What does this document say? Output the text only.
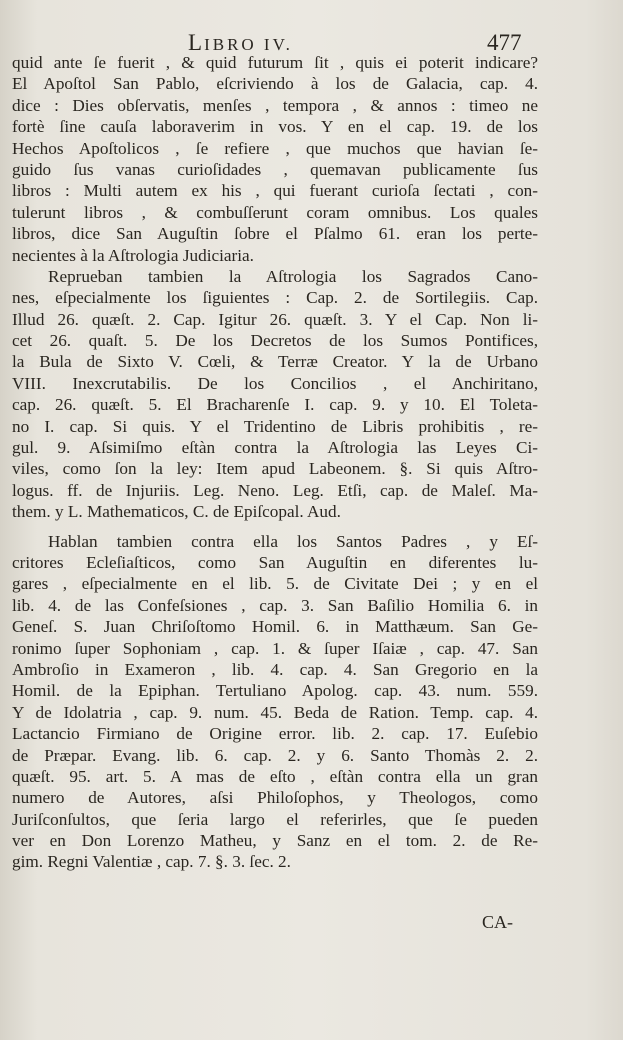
LIBRO IV.	477
quid ante ſe fuerit , & quid futurum ſit , quis ei poterit indicare?
El Apoſtol San Pablo, eſcriviendo à los de Galacia, cap. 4.
dice : Dies obſervatis, menſes , tempora , & annos : timeo ne
fortè ſine cauſa laboraverim in vos. Y en el cap. 19. de los
Hechos Apoſtolicos , ſe refiere , que muchos que havian ſe-
guido ſus vanas curioſidades , quemavan publicamente ſus
libros : Multi autem ex his , qui fuerant curioſa ſectati , con-
tulerunt libros , & combuſſerunt coram omnibus. Los quales
libros, dice San Auguſtin ſobre el Pſalmo 61. eran los perte-
necientes à la Aſtrologia Judiciaria.
Reprueban tambien la Aſtrologia los Sagrados Cano-
nes, eſpecialmente los ſiguientes : Cap. 2. de Sortilegiis. Cap.
Illud 26. quæſt. 2. Cap. Igitur 26. quæſt. 3. Y el Cap. Non li-
cet 26. quaſt. 5. De los Decretos de los Sumos Pontifices,
la Bula de Sixto V. Cœli, & Terræ Creator. Y la de Urbano
VIII. Inexcrutabilis. De los Concilios , el Anchiritano,
cap. 26. quæſt. 5. El Bracharenſe I. cap. 9. y 10. El Toleta-
no I. cap. Si quis. Y el Tridentino de Libris prohibitis , re-
gul. 9. Aſsimiſmo eſtàn contra la Aſtrologia las Leyes Ci-
viles, como ſon la ley: Item apud Labeonem. §. Si quis Aſtro-
logus. ff. de Injuriis. Leg. Neno. Leg. Etſi, cap. de Maleſ. Ma-
them. y L. Mathematicos, C. de Epiſcopal. Aud.
Hablan tambien contra ella los Santos Padres , y Eſ-
critores Ecleſiaſticos, como San Auguſtin en diferentes lu-
gares , eſpecialmente en el lib. 5. de Civitate Dei ; y en el
lib. 4. de las Confeſsiones , cap. 3. San Baſilio Homilia 6. in
Geneſ. S. Juan Chriſoſtomo Homil. 6. in Matthæum. San Ge-
ronimo ſuper Sophoniam , cap. 1. & ſuper Iſaiæ , cap. 47. San
Ambroſio in Exameron , lib. 4. cap. 4. San Gregorio en la
Homil. de la Epiphan. Tertuliano Apolog. cap. 43. num. 559.
Y de Idolatria , cap. 9. num. 45. Beda de Ration. Temp. cap. 4.
Lactancio Firmiano de Origine error. lib. 2. cap. 17. Euſebio
de Præpar. Evang. lib. 6. cap. 2. y 6. Santo Thomàs 2. 2.
quæſt. 95. art. 5. A mas de eſto , eſtàn contra ella un gran
numero de Autores, aſsi Philoſophos, y Theologos, como
Juriſconſultos, que ſeria largo el referirles, que ſe pueden
ver en Don Lorenzo Matheu, y Sanz en el tom. 2. de Re-
gim. Regni Valentiæ , cap. 7. §. 3. ſec. 2.
CA-
